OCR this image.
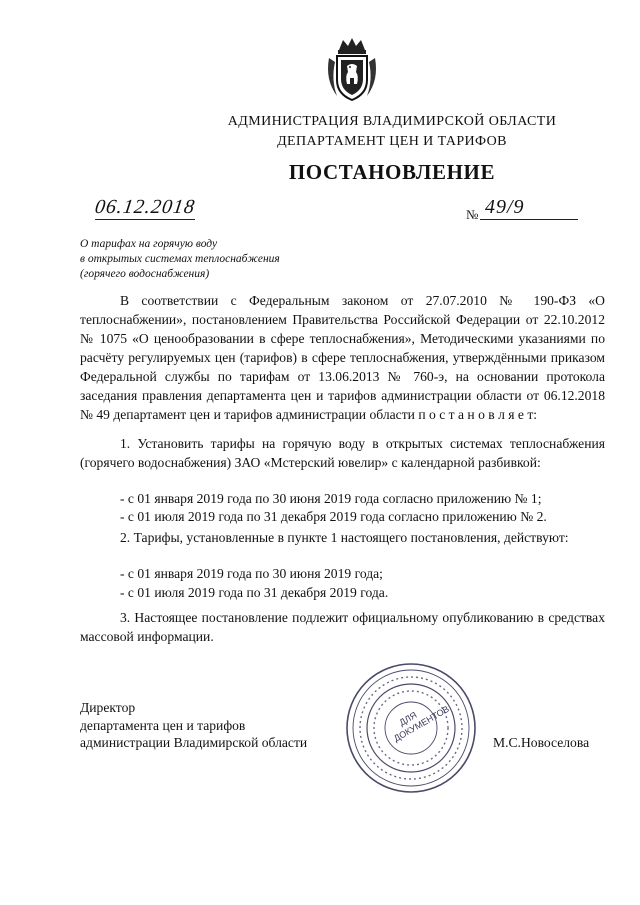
АДМИНИСТРАЦИЯ ВЛАДИМИРСКОЙ ОБЛАСТИ
ДЕПАРТАМЕНТ ЦЕН И ТАРИФОВ
ПОСТАНОВЛЕНИЕ
06.12.2018	№ 49/9
О тарифах на горячую воду
в открытых системах теплоснабжения
(горячего водоснабжения)
В соответствии с Федеральным законом от 27.07.2010 № 190-ФЗ «О теплоснабжении», постановлением Правительства Российской Федерации от 22.10.2012 № 1075 «О ценообразовании в сфере теплоснабжения», Методическими указаниями по расчёту регулируемых цен (тарифов) в сфере теплоснабжения, утверждёнными приказом Федеральной службы по тарифам от 13.06.2013 № 760-э, на основании протокола заседания правления департамента цен и тарифов администрации области от 06.12.2018 № 49 департамент цен и тарифов администрации области п о с т а н о в л я е т:
1. Установить тарифы на горячую воду в открытых системах теплоснабжения (горячего водоснабжения) ЗАО «Мстерский ювелир» с календарной разбивкой:
- с 01 января 2019 года по 30 июня 2019 года согласно приложению № 1;
- с 01 июля 2019 года по 31 декабря 2019 года согласно приложению № 2.
2. Тарифы, установленные в пункте 1 настоящего постановления, действуют:
- с 01 января 2019 года по 30 июня 2019 года;
- с 01 июля 2019 года по 31 декабря 2019 года.
3. Настоящее постановление подлежит официальному опубликованию в средствах массовой информации.
Директор
департамента цен и тарифов
администрации Владимирской области
ДЛЯ ДОКУМЕНТОВ	М.С.Новоселова
